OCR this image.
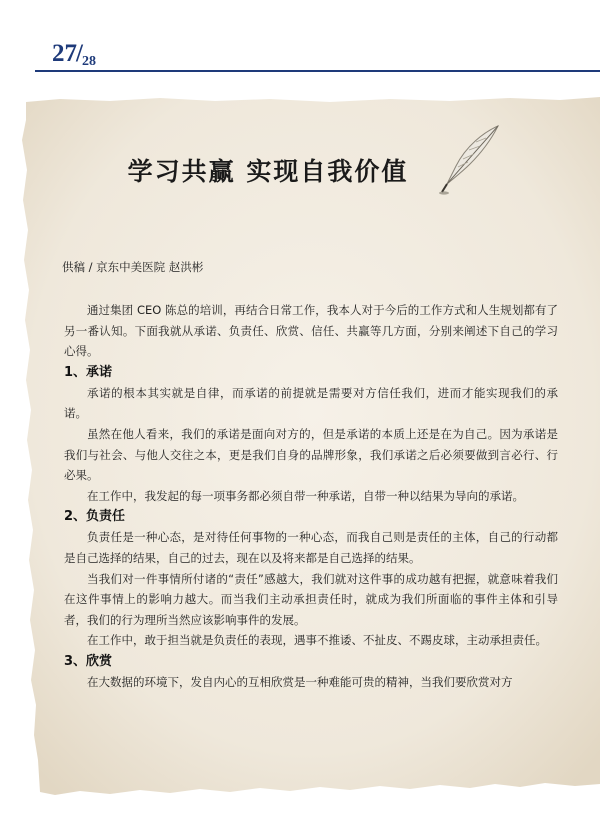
27/28
学习共赢 实现自我价值
供稿 / 京东中美医院 赵洪彬

通过集团 CEO 陈总的培训，再结合日常工作，我本人对于今后的工作方式和人生规划都有了另一番认知。下面我就从承诺、负责任、欣赏、信任、共赢等几方面，分别来阐述下自己的学习心得。

1、承诺

承诺的根本其实就是自律，而承诺的前提就是需要对方信任我们，进而才能实现我们的承诺。

虽然在他人看来，我们的承诺是面向对方的，但是承诺的本质上还是在为自己。因为承诺是我们与社会、与他人交往之本，更是我们自身的品牌形象，我们承诺之后必须要做到言必行、行必果。

在工作中，我发起的每一项事务都必须自带一种承诺，自带一种以结果为导向的承诺。

2、负责任

负责任是一种心态，是对待任何事物的一种心态，而我自己则是责任的主体，自己的行动都是自己选择的结果，自己的过去，现在以及将来都是自己选择的结果。

当我们对一件事情所付诸的“责任”感越大，我们就对这件事的成功越有把握，就意味着我们在这件事情上的影响力越大。而当我们主动承担责任时，就成为我们所面临的事件主体和引导者，我们的行为理所当然应该影响事件的发展。

在工作中，敢于担当就是负责任的表现，遇事不推诿、不扯皮、不踢皮球，主动承担责任。

3、欣赏

在大数据的环境下，发自内心的互相欣赏是一种难能可贵的精神，当我们要欣赏对方
